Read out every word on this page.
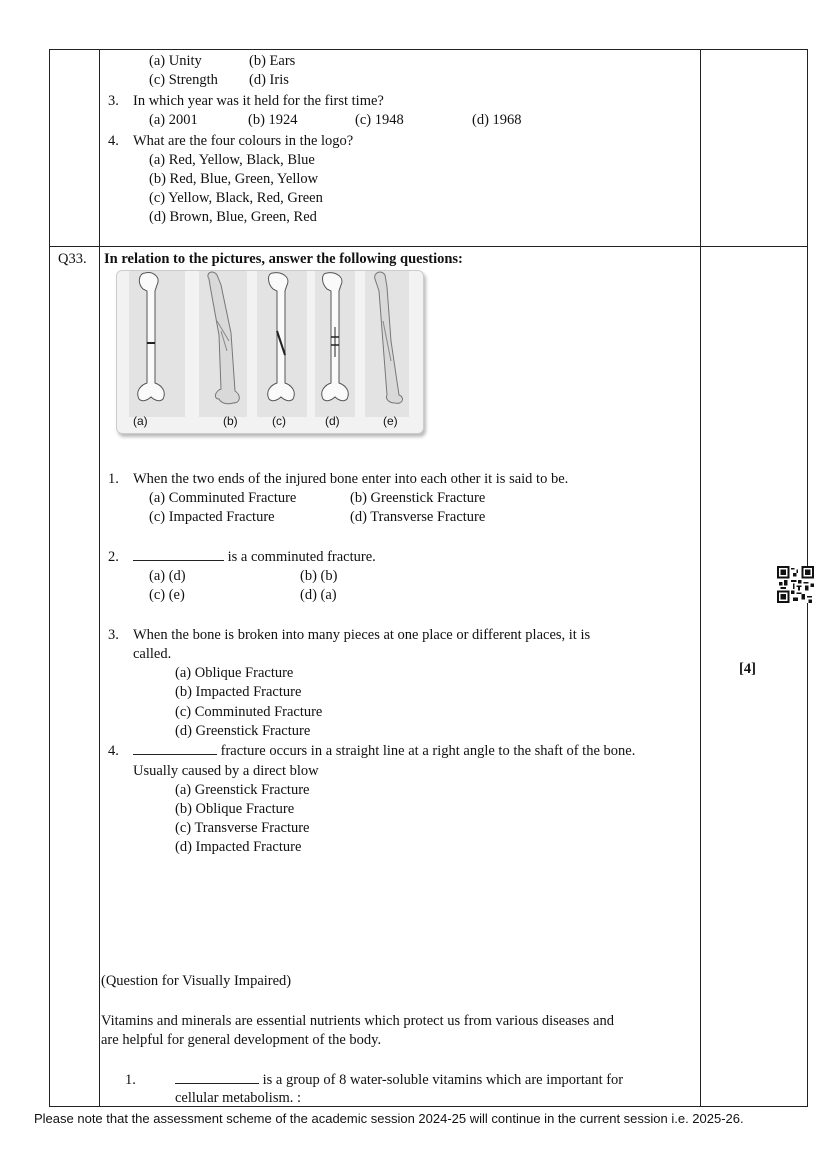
(a) Unity	(b) Ears
(c) Strength (d) Iris
3. In which year was it held for the first time?
(a) 2001	(b) 1924	(c) 1948	(d) 1968
4. What are the four colours in the logo?
(a) Red, Yellow, Black, Blue
(b) Red, Blue, Green, Yellow
(c) Yellow, Black, Red, Green
(d) Brown, Blue, Green, Red
Q33. In relation to the pictures, answer the following questions:
(a)	(b)	(c)	(d)	(e)
1. When the two ends of the injured bone enter into each other it is said to be.
(a) Comminuted Fracture	(b) Greenstick Fracture
(c) Impacted Fracture	(d) Transverse Fracture
2.	is a comminuted fracture.
(a) (d)	(b) (b)
(c) (e)	(d) (a)
3. When the bone is broken into many pieces at one place or different places, it is
called.
(a) Oblique Fracture
(b) Impacted Fracture
(c) Comminuted Fracture
(d) Greenstick Fracture
4.	fracture occurs in a straight line at a right angle to the shaft of the bone.
Usually caused by a direct blow
(a) Greenstick Fracture
(b) Oblique Fracture
(c) Transverse Fracture
(d) Impacted Fracture
[4]
(Question for Visually Impaired)
Vitamins and minerals are essential nutrients which protect us from various diseases and
are helpful for general development of the body.
1.	is a group of 8 water-soluble vitamins which are important for
cellular metabolism. :
Please note that the assessment scheme of the academic session 2024-25 will continue in the current session i.e. 2025-26.
